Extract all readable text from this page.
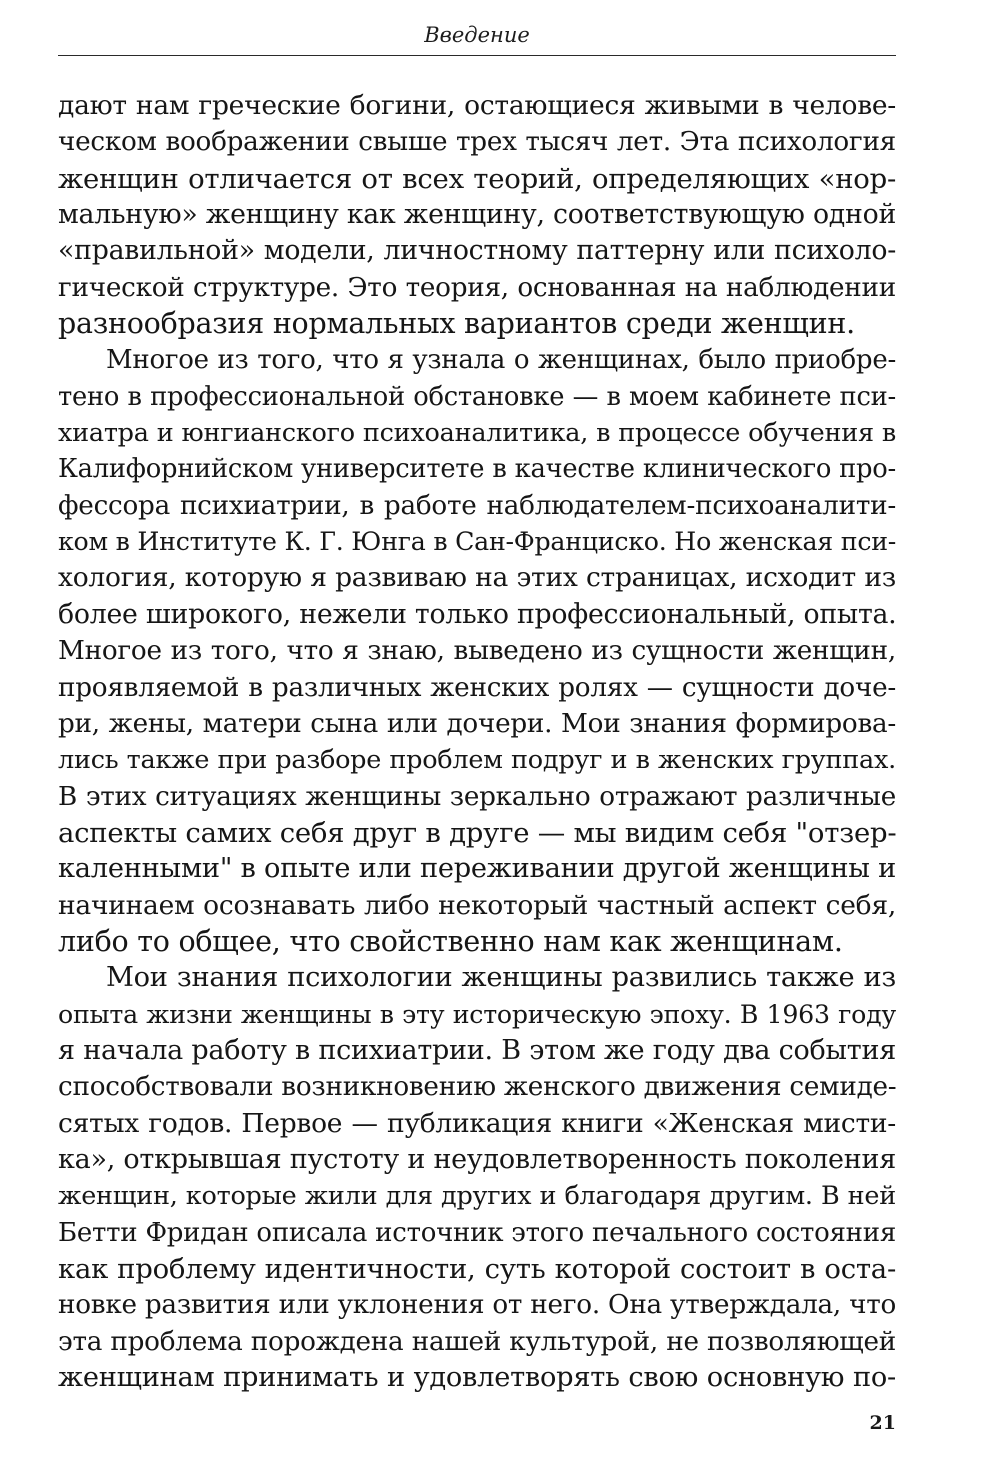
Введение
дают нам греческие богини, остающиеся живыми в челове-
ческом воображении свыше трех тысяч лет. Эта психология
женщин отличается от всех теорий, определяющих «нор-
мальную» женщину как женщину, соответствующую одной
«правильной» модели, личностному паттерну или психоло-
гической структуре. Это теория, основанная на наблюдении
разнообразия нормальных вариантов среди женщин.
Многое из того, что я узнала о женщинах, было приобре-
тено в профессиональной обстановке — в моем кабинете пси-
хиатра и юнгианского психоаналитика, в процессе обучения в
Калифорнийском университете в качестве клинического про-
фессора психиатрии, в работе наблюдателем-психоаналити-
ком в Институте К. Г. Юнга в Сан-Франциско. Но женская пси-
хология, которую я развиваю на этих страницах, исходит из
более широкого, нежели только профессиональный, опыта.
Многое из того, что я знаю, выведено из сущности женщин,
проявляемой в различных женских ролях — сущности доче-
ри, жены, матери сына или дочери. Мои знания формирова-
лись также при разборе проблем подруг и в женских группах.
В этих ситуациях женщины зеркально отражают различные
аспекты самих себя друг в друге — мы видим себя "отзер-
каленными" в опыте или переживании другой женщины и
начинаем осознавать либо некоторый частный аспект себя,
либо то общее, что свойственно нам как женщинам.
Мои знания психологии женщины развились также из
опыта жизни женщины в эту историческую эпоху. В 1963 году
я начала работу в психиатрии. В этом же году два события
способствовали возникновению женского движения семиде-
сятых годов. Первое — публикация книги «Женская мисти-
ка», открывшая пустоту и неудовлетворенность поколения
женщин, которые жили для других и благодаря другим. В ней
Бетти Фридан описала источник этого печального состояния
как проблему идентичности, суть которой состоит в оста-
новке развития или уклонения от него. Она утверждала, что
эта проблема порождена нашей культурой, не позволяющей
женщинам принимать и удовлетворять свою основную по-
21
